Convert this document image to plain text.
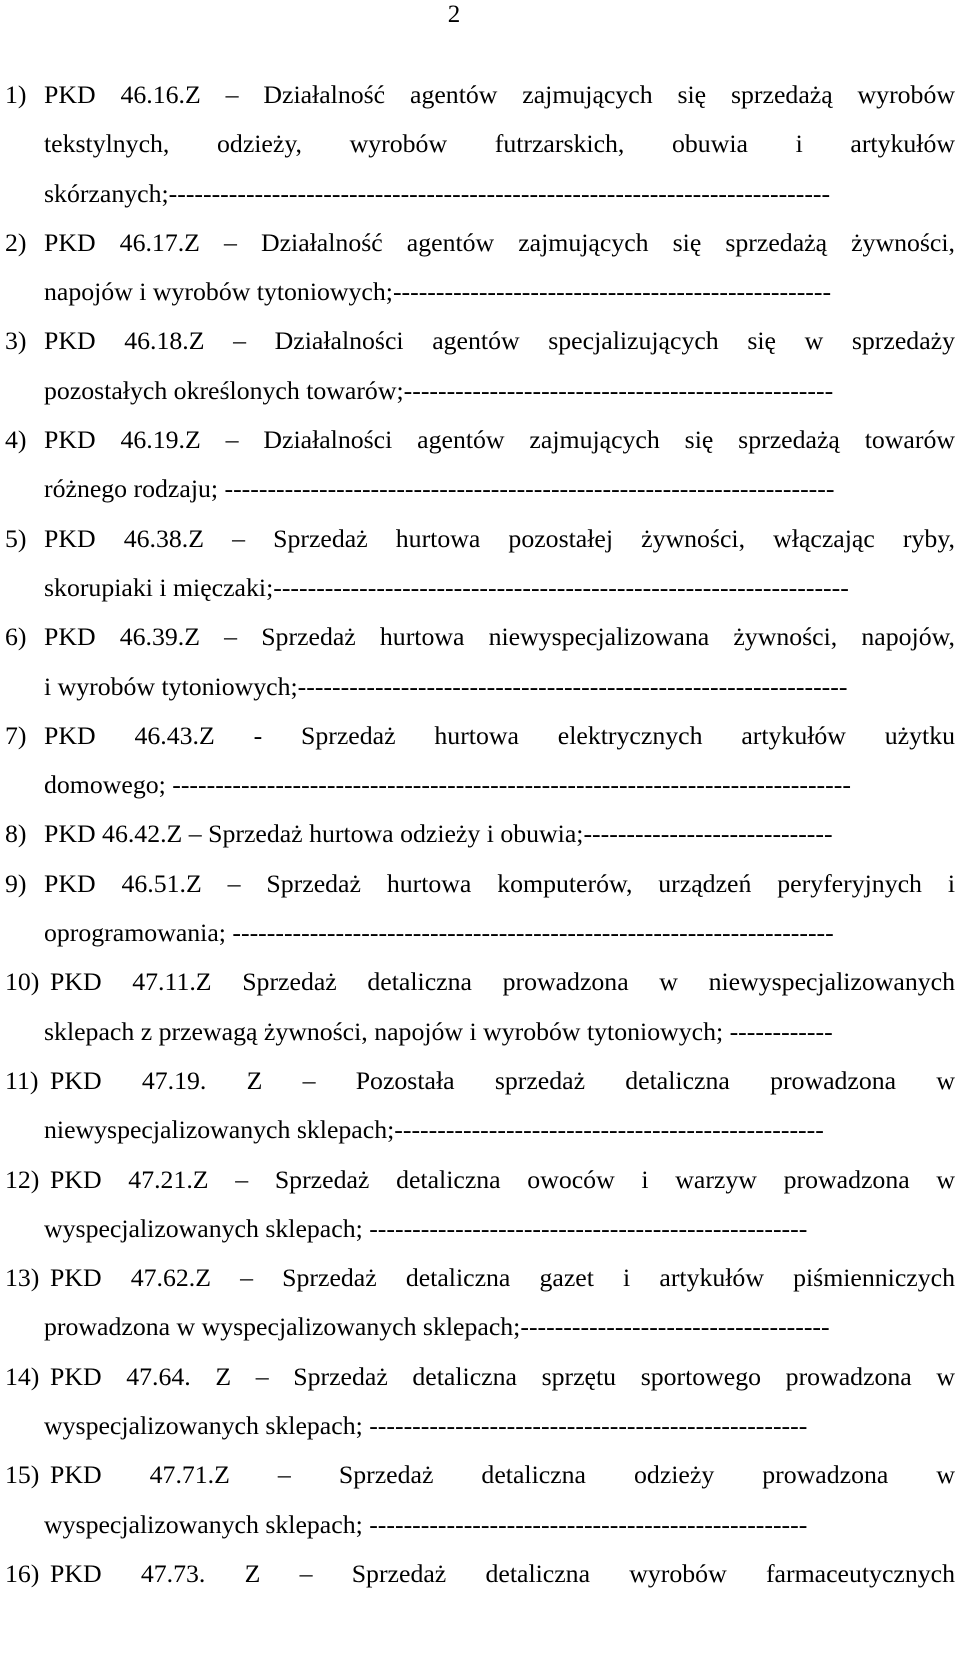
2
1) PKD 46.16.Z – Działalność agentów zajmujących się sprzedażą wyrobów
tekstylnych, odzieży, wyrobów futrzarskich, obuwia i artykułów
skórzanych;-----------------------------------------------------------------------------
2) PKD 46.17.Z – Działalność agentów zajmujących się sprzedażą żywności,
napojów i wyrobów tytoniowych;---------------------------------------------------
3) PKD 46.18.Z – Działalności agentów specjalizujących się w sprzedaży
pozostałych określonych towarów;--------------------------------------------------
4) PKD 46.19.Z – Działalności agentów zajmujących się sprzedażą towarów
różnego rodzaju; -----------------------------------------------------------------------
5) PKD 46.38.Z – Sprzedaż hurtowa pozostałej żywności, włączając ryby,
skorupiaki i mięczaki;-------------------------------------------------------------------
6) PKD 46.39.Z – Sprzedaż hurtowa niewyspecjalizowana żywności, napojów,
i wyrobów tytoniowych;----------------------------------------------------------------
7) PKD 46.43.Z - Sprzedaż hurtowa elektrycznych artykułów użytku
domowego; -------------------------------------------------------------------------------
8) PKD 46.42.Z – Sprzedaż hurtowa odzieży i obuwia;-----------------------------
9) PKD 46.51.Z – Sprzedaż hurtowa komputerów, urządzeń peryferyjnych i
oprogramowania; ----------------------------------------------------------------------
10) PKD 47.11.Z Sprzedaż detaliczna prowadzona w niewyspecjalizowanych
sklepach z przewagą żywności, napojów i wyrobów tytoniowych; ------------
11) PKD 47.19. Z – Pozostała sprzedaż detaliczna prowadzona w
niewyspecjalizowanych sklepach;--------------------------------------------------
12) PKD 47.21.Z – Sprzedaż detaliczna owoców i warzyw prowadzona w
wyspecjalizowanych sklepach; ---------------------------------------------------
13) PKD 47.62.Z – Sprzedaż detaliczna gazet i artykułów piśmienniczych
prowadzona w wyspecjalizowanych sklepach;------------------------------------
14) PKD 47.64. Z – Sprzedaż detaliczna sprzętu sportowego prowadzona w
wyspecjalizowanych sklepach; ---------------------------------------------------
15) PKD 47.71.Z – Sprzedaż detaliczna odzieży prowadzona w
wyspecjalizowanych sklepach; ---------------------------------------------------
16) PKD 47.73. Z – Sprzedaż detaliczna wyrobów farmaceutycznych
